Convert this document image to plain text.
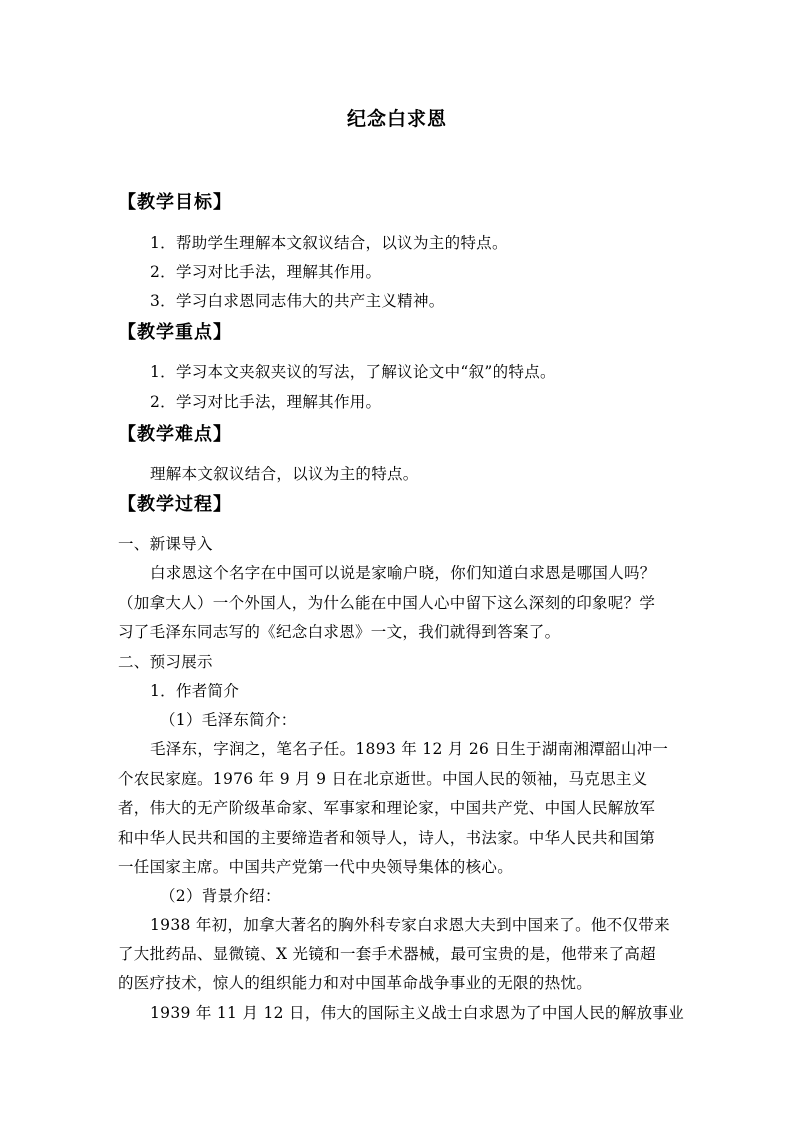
纪念白求恩
【教学目标】
1．帮助学生理解本文叙议结合，以议为主的特点。
2．学习对比手法，理解其作用。
3．学习白求恩同志伟大的共产主义精神。
【教学重点】
1．学习本文夹叙夹议的写法，了解议论文中“叙”的特点。
2．学习对比手法，理解其作用。
【教学难点】
理解本文叙议结合，以议为主的特点。
【教学过程】
一、新课导入
白求恩这个名字在中国可以说是家喻户晓，你们知道白求恩是哪国人吗？
（加拿大人）一个外国人，为什么能在中国人心中留下这么深刻的印象呢？学
习了毛泽东同志写的《纪念白求恩》一文，我们就得到答案了。
二、预习展示
1．作者简介
（1）毛泽东简介：
毛泽东，字润之，笔名子任。1893 年 12 月 26 日生于湖南湘潭韶山冲一
个农民家庭。1976 年 9 月 9 日在北京逝世。中国人民的领袖，马克思主义
者，伟大的无产阶级革命家、军事家和理论家，中国共产党、中国人民解放军
和中华人民共和国的主要缔造者和领导人，诗人，书法家。中华人民共和国第
一任国家主席。中国共产党第一代中央领导集体的核心。
（2）背景介绍：
1938 年初，加拿大著名的胸外科专家白求恩大夫到中国来了。他不仅带来
了大批药品、显微镜、X 光镜和一套手术器械，最可宝贵的是，他带来了高超
的医疗技术，惊人的组织能力和对中国革命战争事业的无限的热忱。
1939 年 11 月 12 日，伟大的国际主义战士白求恩为了中国人民的解放事业
